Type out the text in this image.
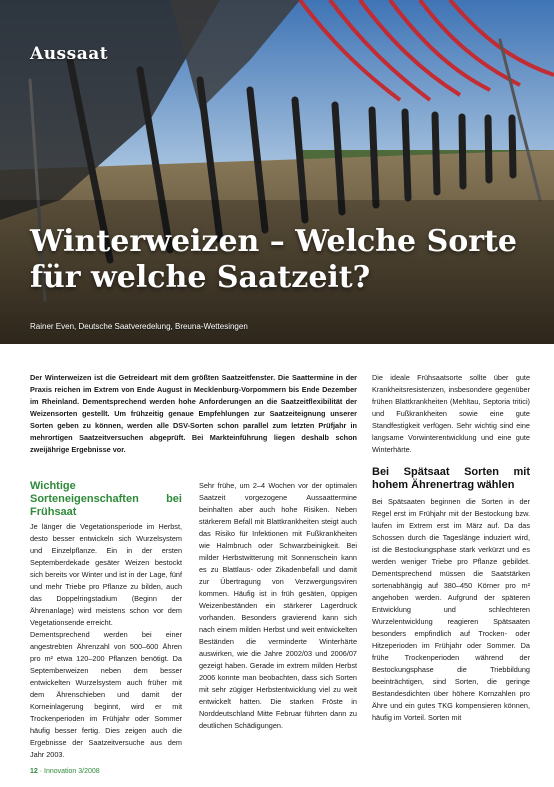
Aussaat
Winterweizen – Welche Sorte für welche Saatzeit?
Rainer Even, Deutsche Saatveredelung, Breuna-Wettesingen
Der Winterweizen ist die Getreideart mit dem größten Saatzeitfenster. Die Saattermine in der Praxis reichen im Extrem von Ende August in Mecklenburg-Vorpommern bis Ende Dezember im Rheinland. Dementsprechend werden hohe Anforderungen an die Saatzeitflexibilität der Weizensorten gestellt. Um frühzeitig genaue Empfehlungen zur Saatzeiteignung unserer Sorten geben zu können, werden alle DSV-Sorten schon parallel zum letzten Prüfjahr in mehrortigen Saatzeitversuchen abgeprüft. Bei Markteinführung liegen deshalb schon zweijährige Ergebnisse vor.
Wichtige Sorteneigenschaften bei Frühsaat

Je länger die Vegetationsperiode im Herbst, desto besser entwickeln sich Wurzelsystem und Einzelpflanze. Ein in der ersten Septemberdekade gesäter Weizen bestockt sich bereits vor Winter und ist in der Lage, fünf und mehr Triebe pro Pflanze zu bilden, auch das Doppelringstadium (Beginn der Ährenanlage) wird meistens schon vor dem Vegetationsende erreicht.

Dementsprechend werden bei einer angestrebten Ährenzahl von 500–600 Ähren pro m² etwa 120–200 Pflanzen benötigt. Da Septemberweizen neben dem besser entwickelten Wurzelsystem auch früher mit dem Ährenschieben und damit der Korneinlagerung beginnt, wird er mit Trockenperioden im Frühjahr oder Sommer häufig besser fertig. Dies zeigen auch die Ergebnisse der Saatzeitversuche aus dem Jahr 2003.

Sehr frühe, um 2–4 Wochen vor der optimalen Saatzeit vorgezogene Aussaattermine beinhalten aber auch hohe Risiken. Neben stärkerem Befall mit Blattkrankheiten steigt auch das Risiko für Infektionen mit Fußkrankheiten wie Halmbruch oder Schwarzbeinigkeit. Bei milder Herbstwitterung mit Sonnenschein kann es zu Blattlaus- oder Zikadenbefall und damit zur Übertragung von Verzwergungsviren kommen. Häufig ist in früh gesäten, üppigen Weizenbeständen ein stärkerer Lagerdruck vorhanden. Besonders gravierend kann sich nach einem milden Herbst und weit entwickelten Beständen die verminderte Winterhärte auswirken, wie die Jahre 2002/03 und 2006/07 gezeigt haben. Gerade im extrem milden Herbst 2006 konnte man beobachten, dass sich Sorten mit sehr zügiger Herbstentwicklung viel zu weit entwickelt hatten. Die starken Fröste in Norddeutschland Mitte Februar führten dann zu deutlichen Schädigungen.

Die ideale Frühsaatsorte sollte über gute Krankheitsresistenzen, insbesondere gegenüber frühen Blattkrankheiten (Mehltau, Septoria tritici) und Fußkrankheiten sowie eine gute Standfestigkeit verfügen. Sehr wichtig sind eine langsame Vorwinterentwicklung und eine gute Winterhärte.

Bei Spätsaat Sorten mit hohem Ährenertrag wählen

Bei Spätsaaten beginnen die Sorten in der Regel erst im Frühjahr mit der Bestockung bzw. laufen im Extrem erst im März auf. Da das Schossen durch die Tageslänge induziert wird, ist die Bestockungsphase stark verkürzt und es werden weniger Triebe pro Pflanze gebildet. Dementsprechend müssen die Saatstärken sortenabhängig auf 380–450 Körner pro m² angehoben werden. Aufgrund der späteren Entwicklung und schlechteren Wurzelentwicklung reagieren Spätsaaten besonders empfindlich auf Trocken- oder Hitzeperioden im Frühjahr oder Sommer. Da frühe Trockenperioden während der Bestockungsphase die Triebbildung beeinträchtigen, sind Sorten, die geringe Bestandesdichten über höhere Kornzahlen pro Ähre und ein gutes TKG kompensieren können, häufig im Vorteil. Sorten mit

12 · Innovation 3/2008
